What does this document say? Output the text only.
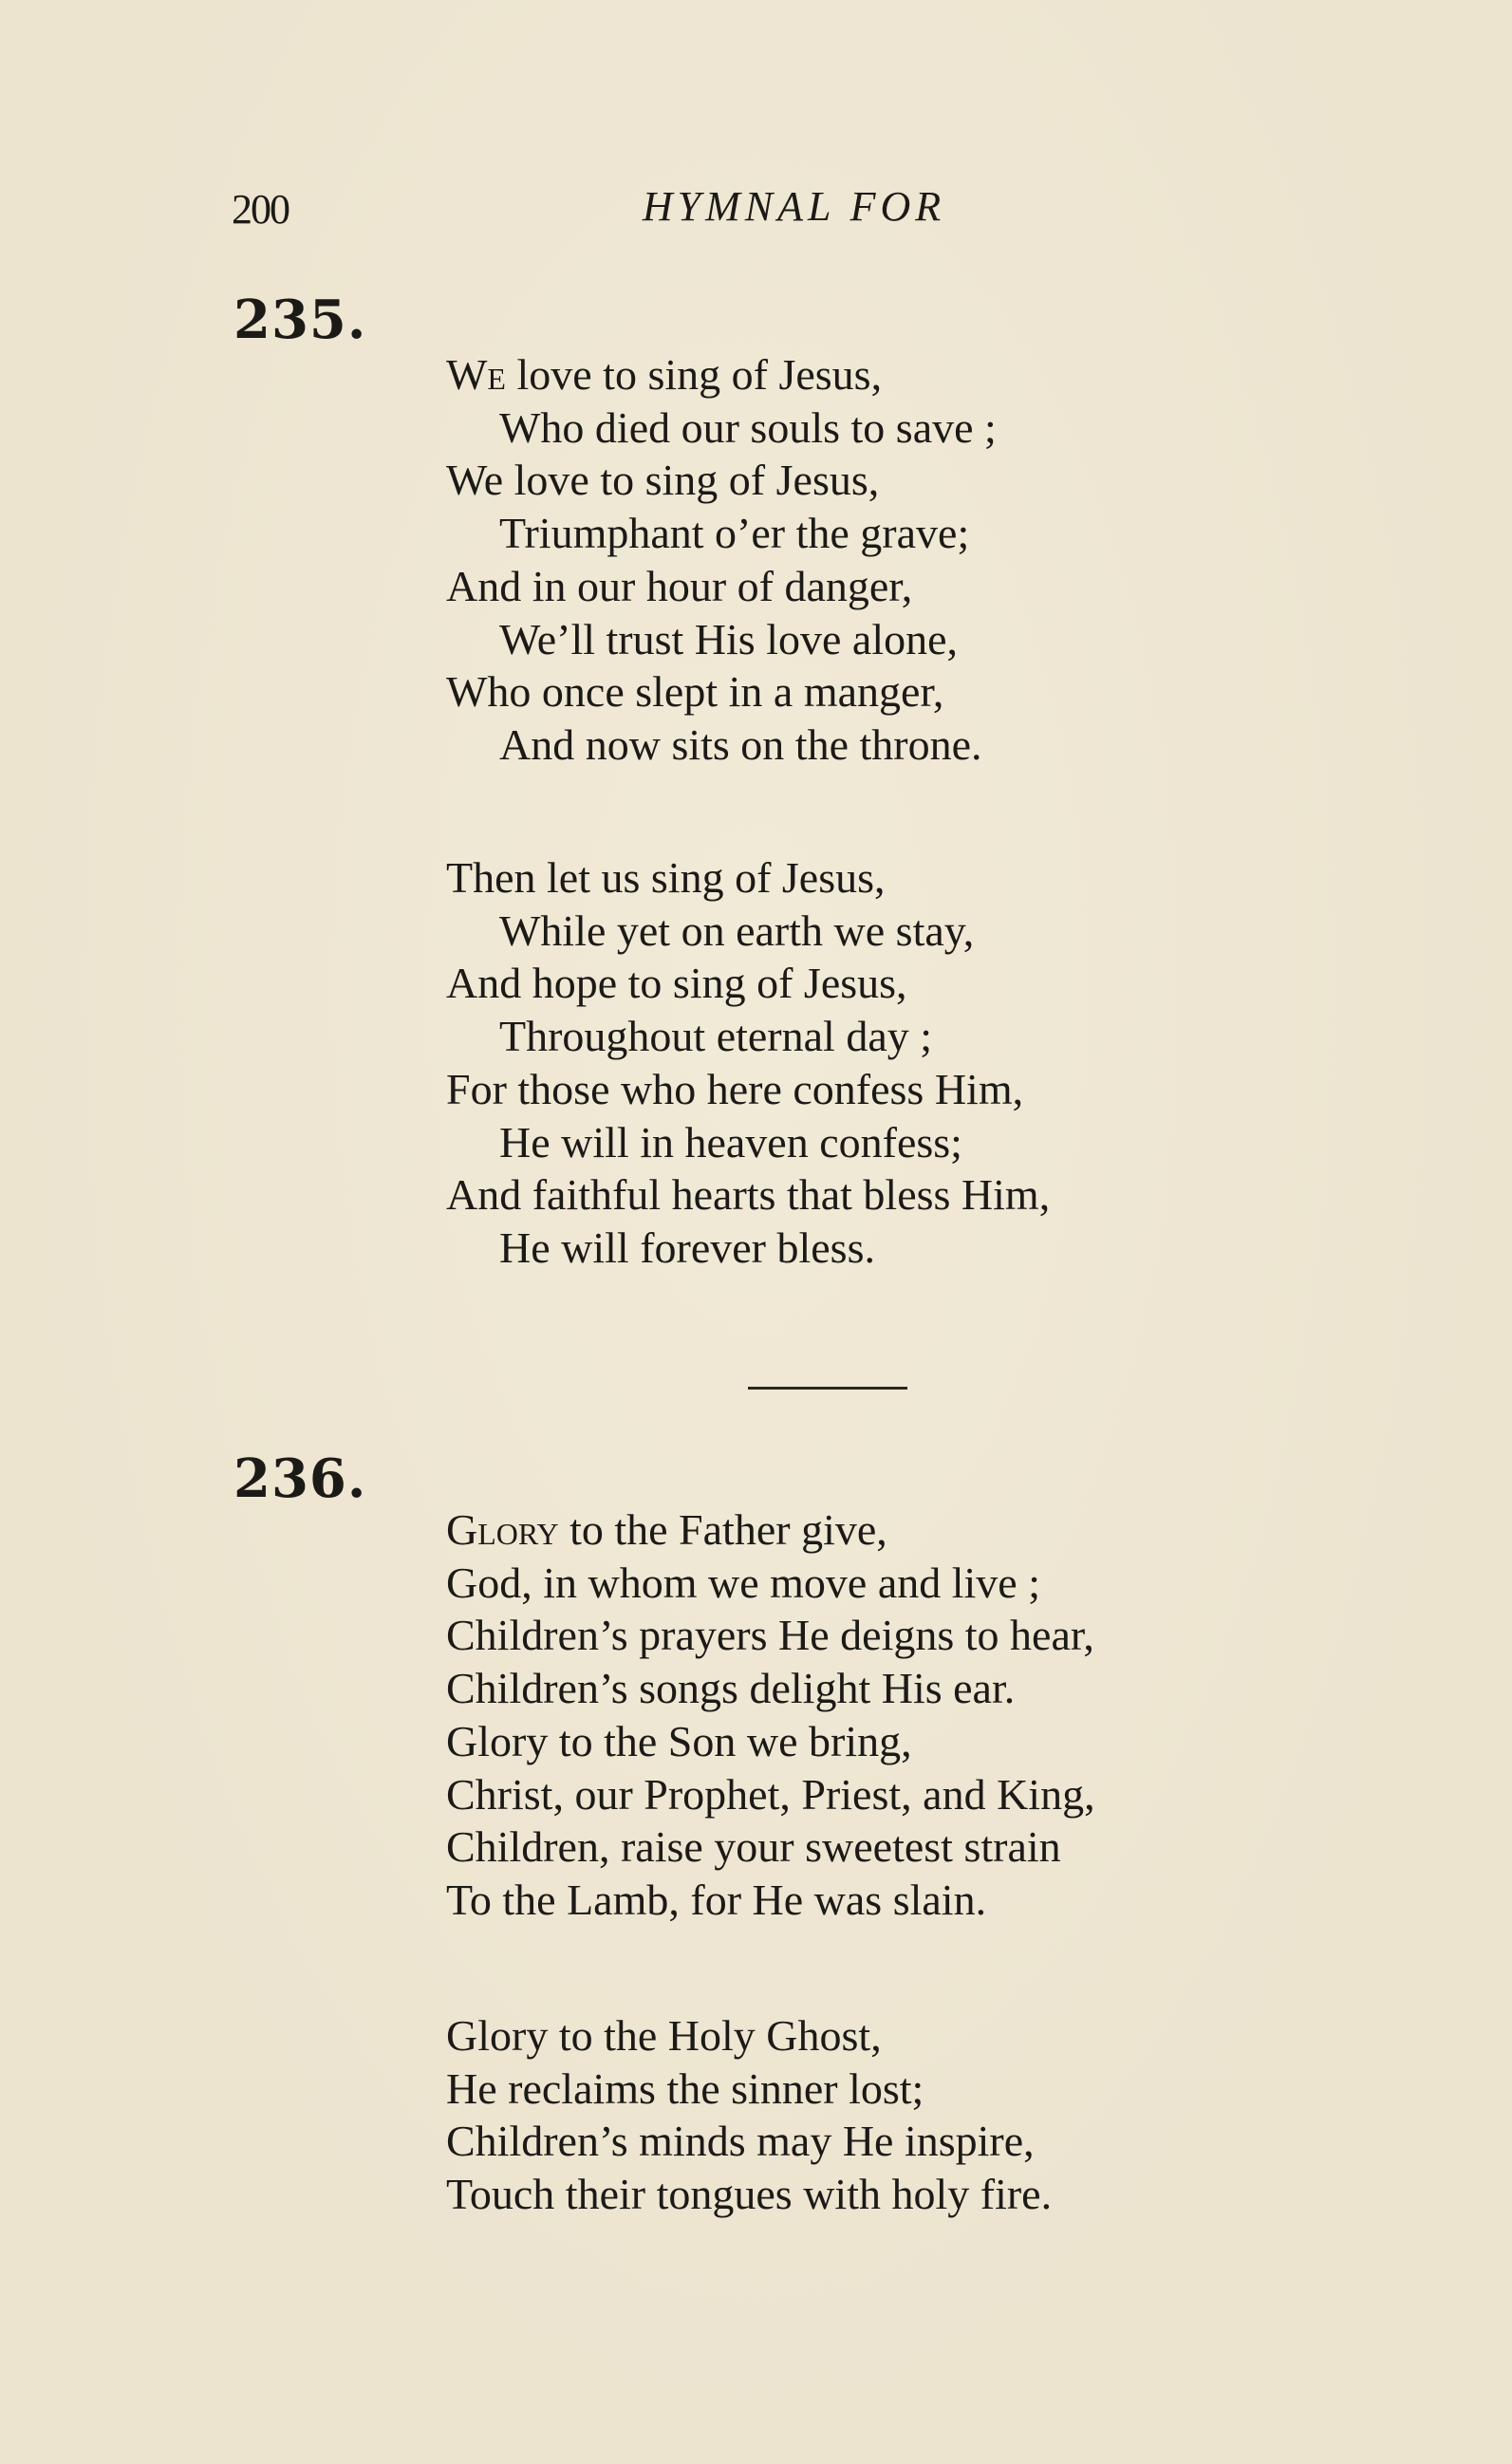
200	HYMNAL FOR
235.
We love to sing of Jesus,
Who died our souls to save ;
We love to sing of Jesus,
Triumphant o’er the grave;
And in our hour of danger,
We’ll trust His love alone,
Who once slept in a manger,
And now sits on the throne.
Then let us sing of Jesus,
While yet on earth we stay,
And hope to sing of Jesus,
Throughout eternal day ;
For those who here confess Him,
He will in heaven confess;
And faithful hearts that bless Him,
He will forever bless.
236.
Glory to the Father give,
God, in whom we move and live ;
Children’s prayers He deigns to hear,
Children’s songs delight His ear.
Glory to the Son we bring,
Christ, our Prophet, Priest, and King,
Children, raise your sweetest strain
To the Lamb, for He was slain.
Glory to the Holy Ghost,
He reclaims the sinner lost;
Children’s minds may He inspire,
Touch their tongues with holy fire.
